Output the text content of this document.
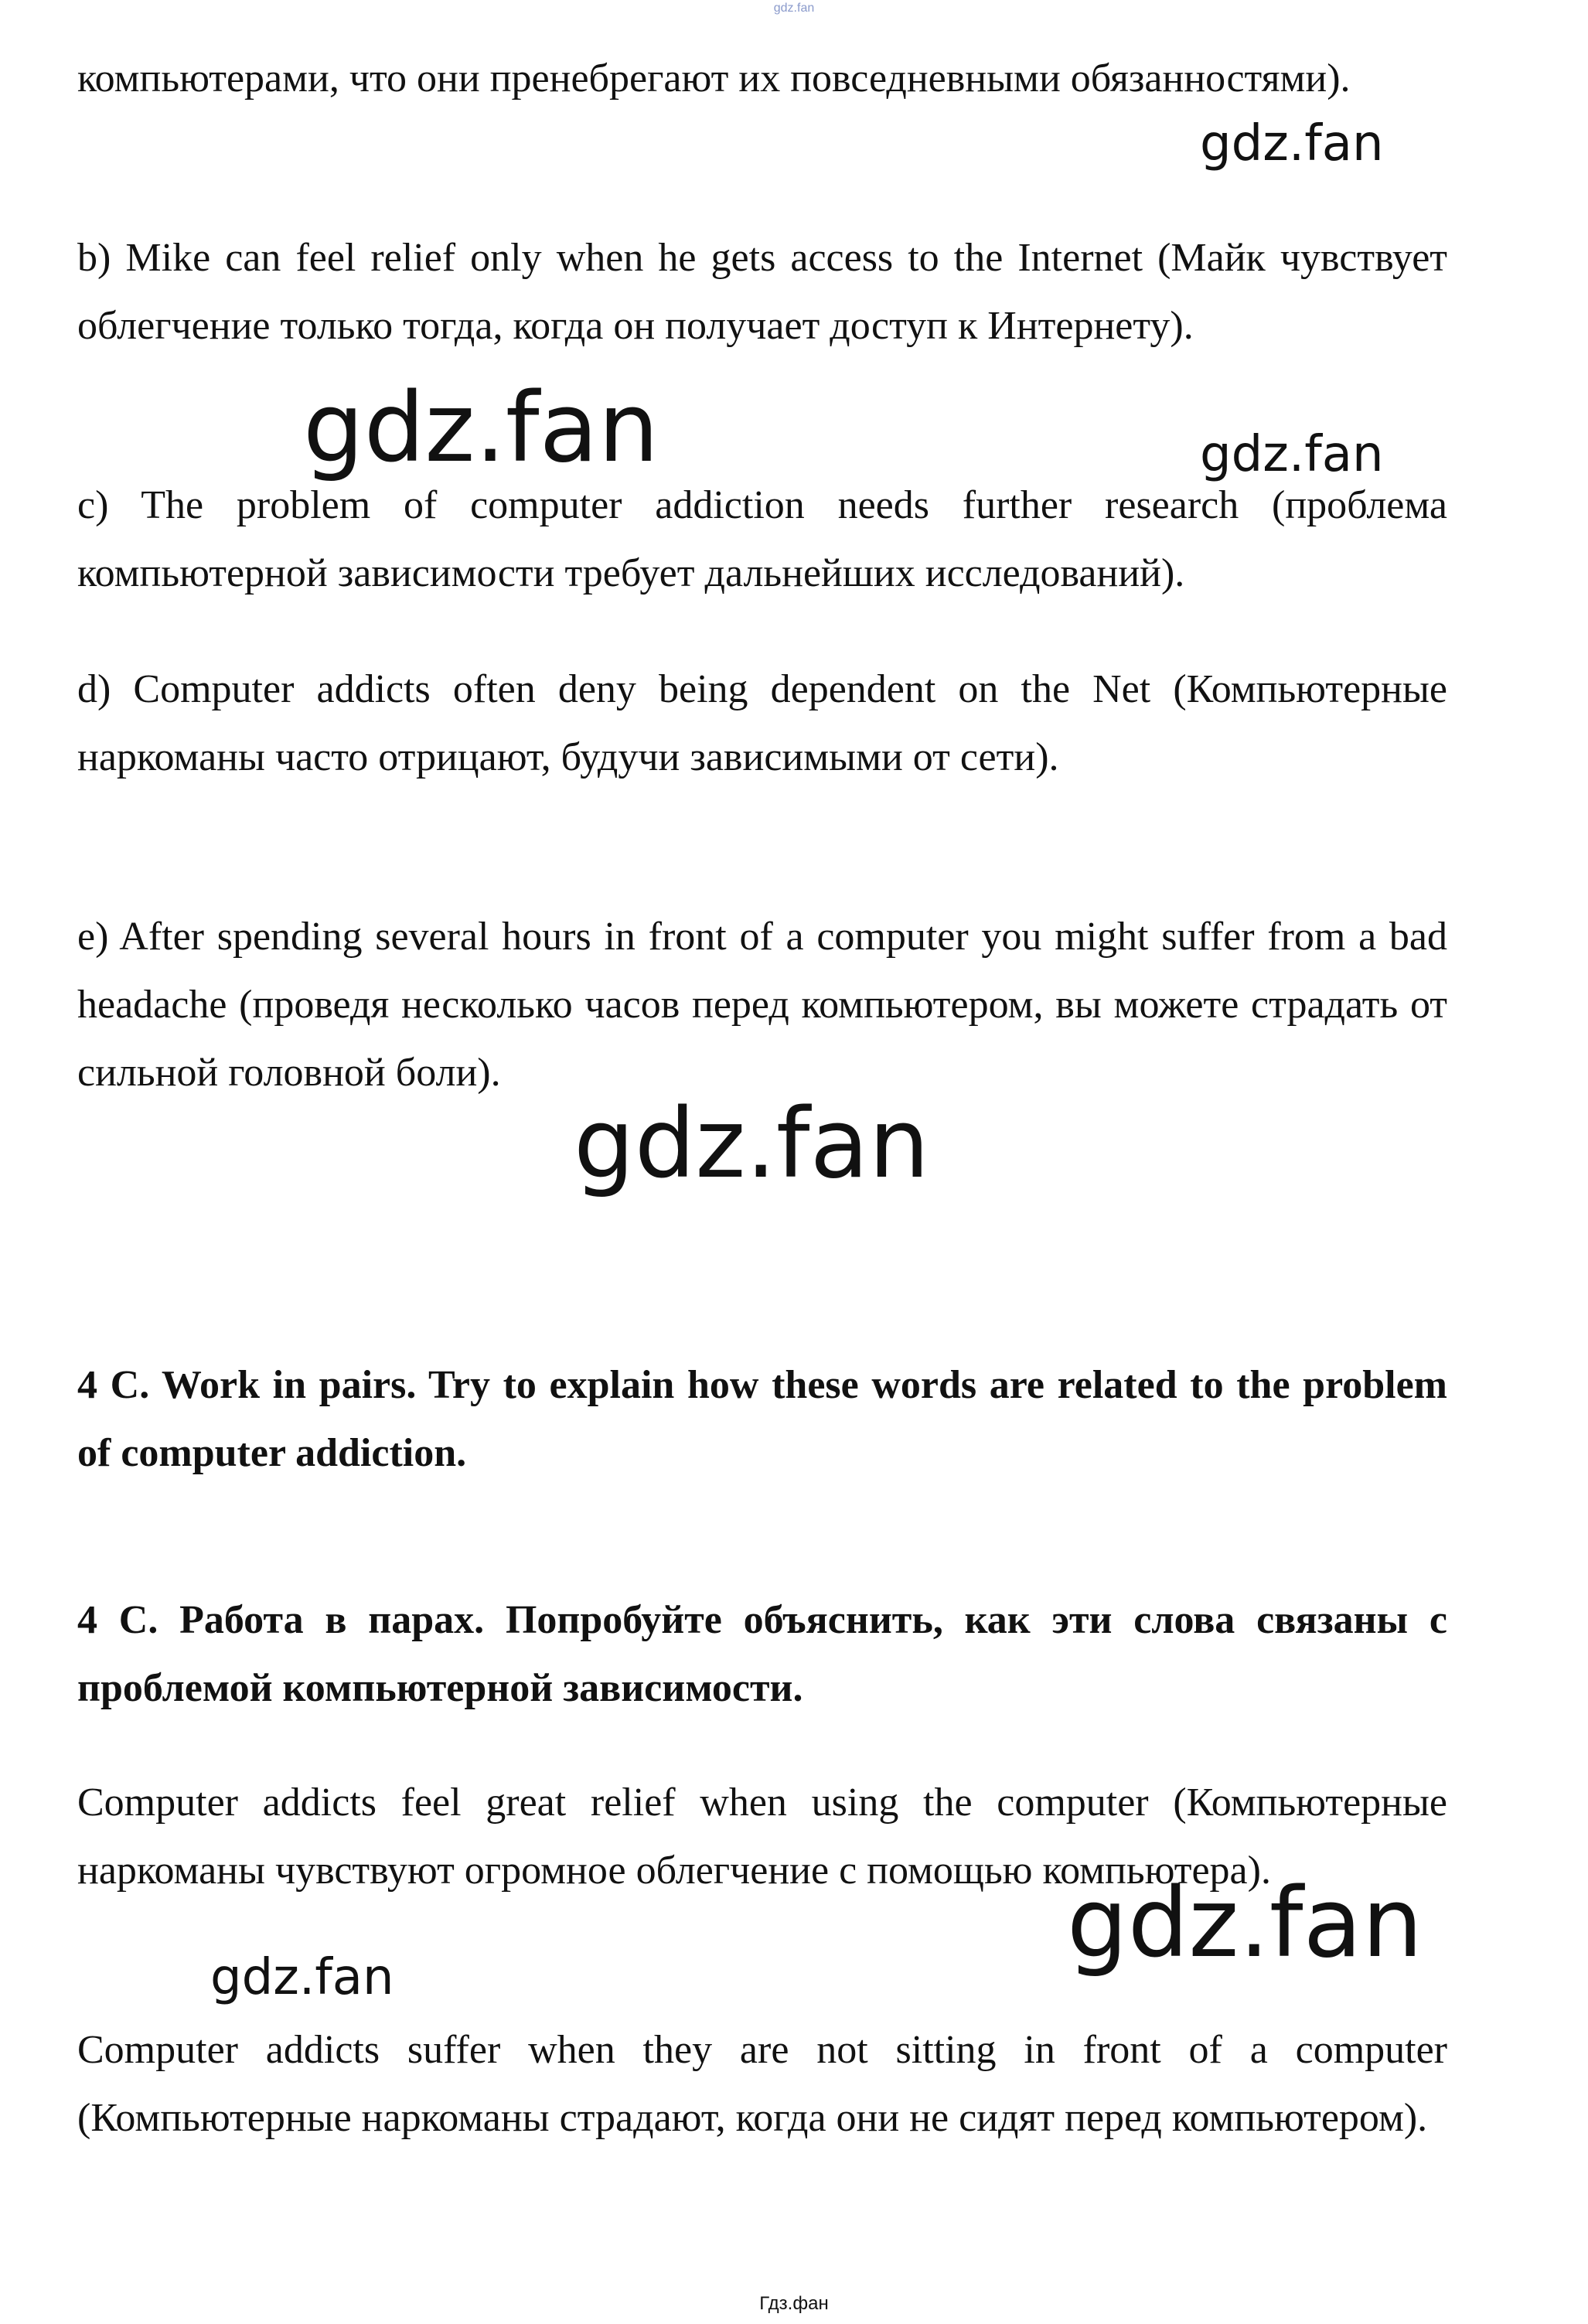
gdz.fan

компьютерами, что они пренебрегают их повседневными обязанностями).

b) Mike can feel relief only when he gets access to the Internet (Майк чувствует облегчение только тогда, когда он получает доступ к Интернету).

c) The problem of computer addiction needs further research (проблема компьютерной зависимости требует дальнейших исследований).

d) Computer addicts often deny being dependent on the Net (Компьютерные наркоманы часто отрицают, будучи зависимыми от сети).

e) After spending several hours in front of a computer you might suffer from a bad headache (проведя несколько часов перед компьютером, вы можете страдать от сильной головной боли).

4 C. Work in pairs. Try to explain how these words are related to the problem of computer addiction.

4 C. Работа в парах. Попробуйте объяснить, как эти слова связаны с проблемой компьютерной зависимости.

Computer addicts feel great relief when using the computer (Компьютерные наркоманы чувствуют огромное облегчение с помощью компьютера).

Computer addicts suffer when they are not sitting in front of a computer (Компьютерные наркоманы страдают, когда они не сидят перед компьютером).

gdz.fan
gdz.fan	gdz.fan
gdz.fan
gdz.fan
gdz.fan
Гдз.фан
